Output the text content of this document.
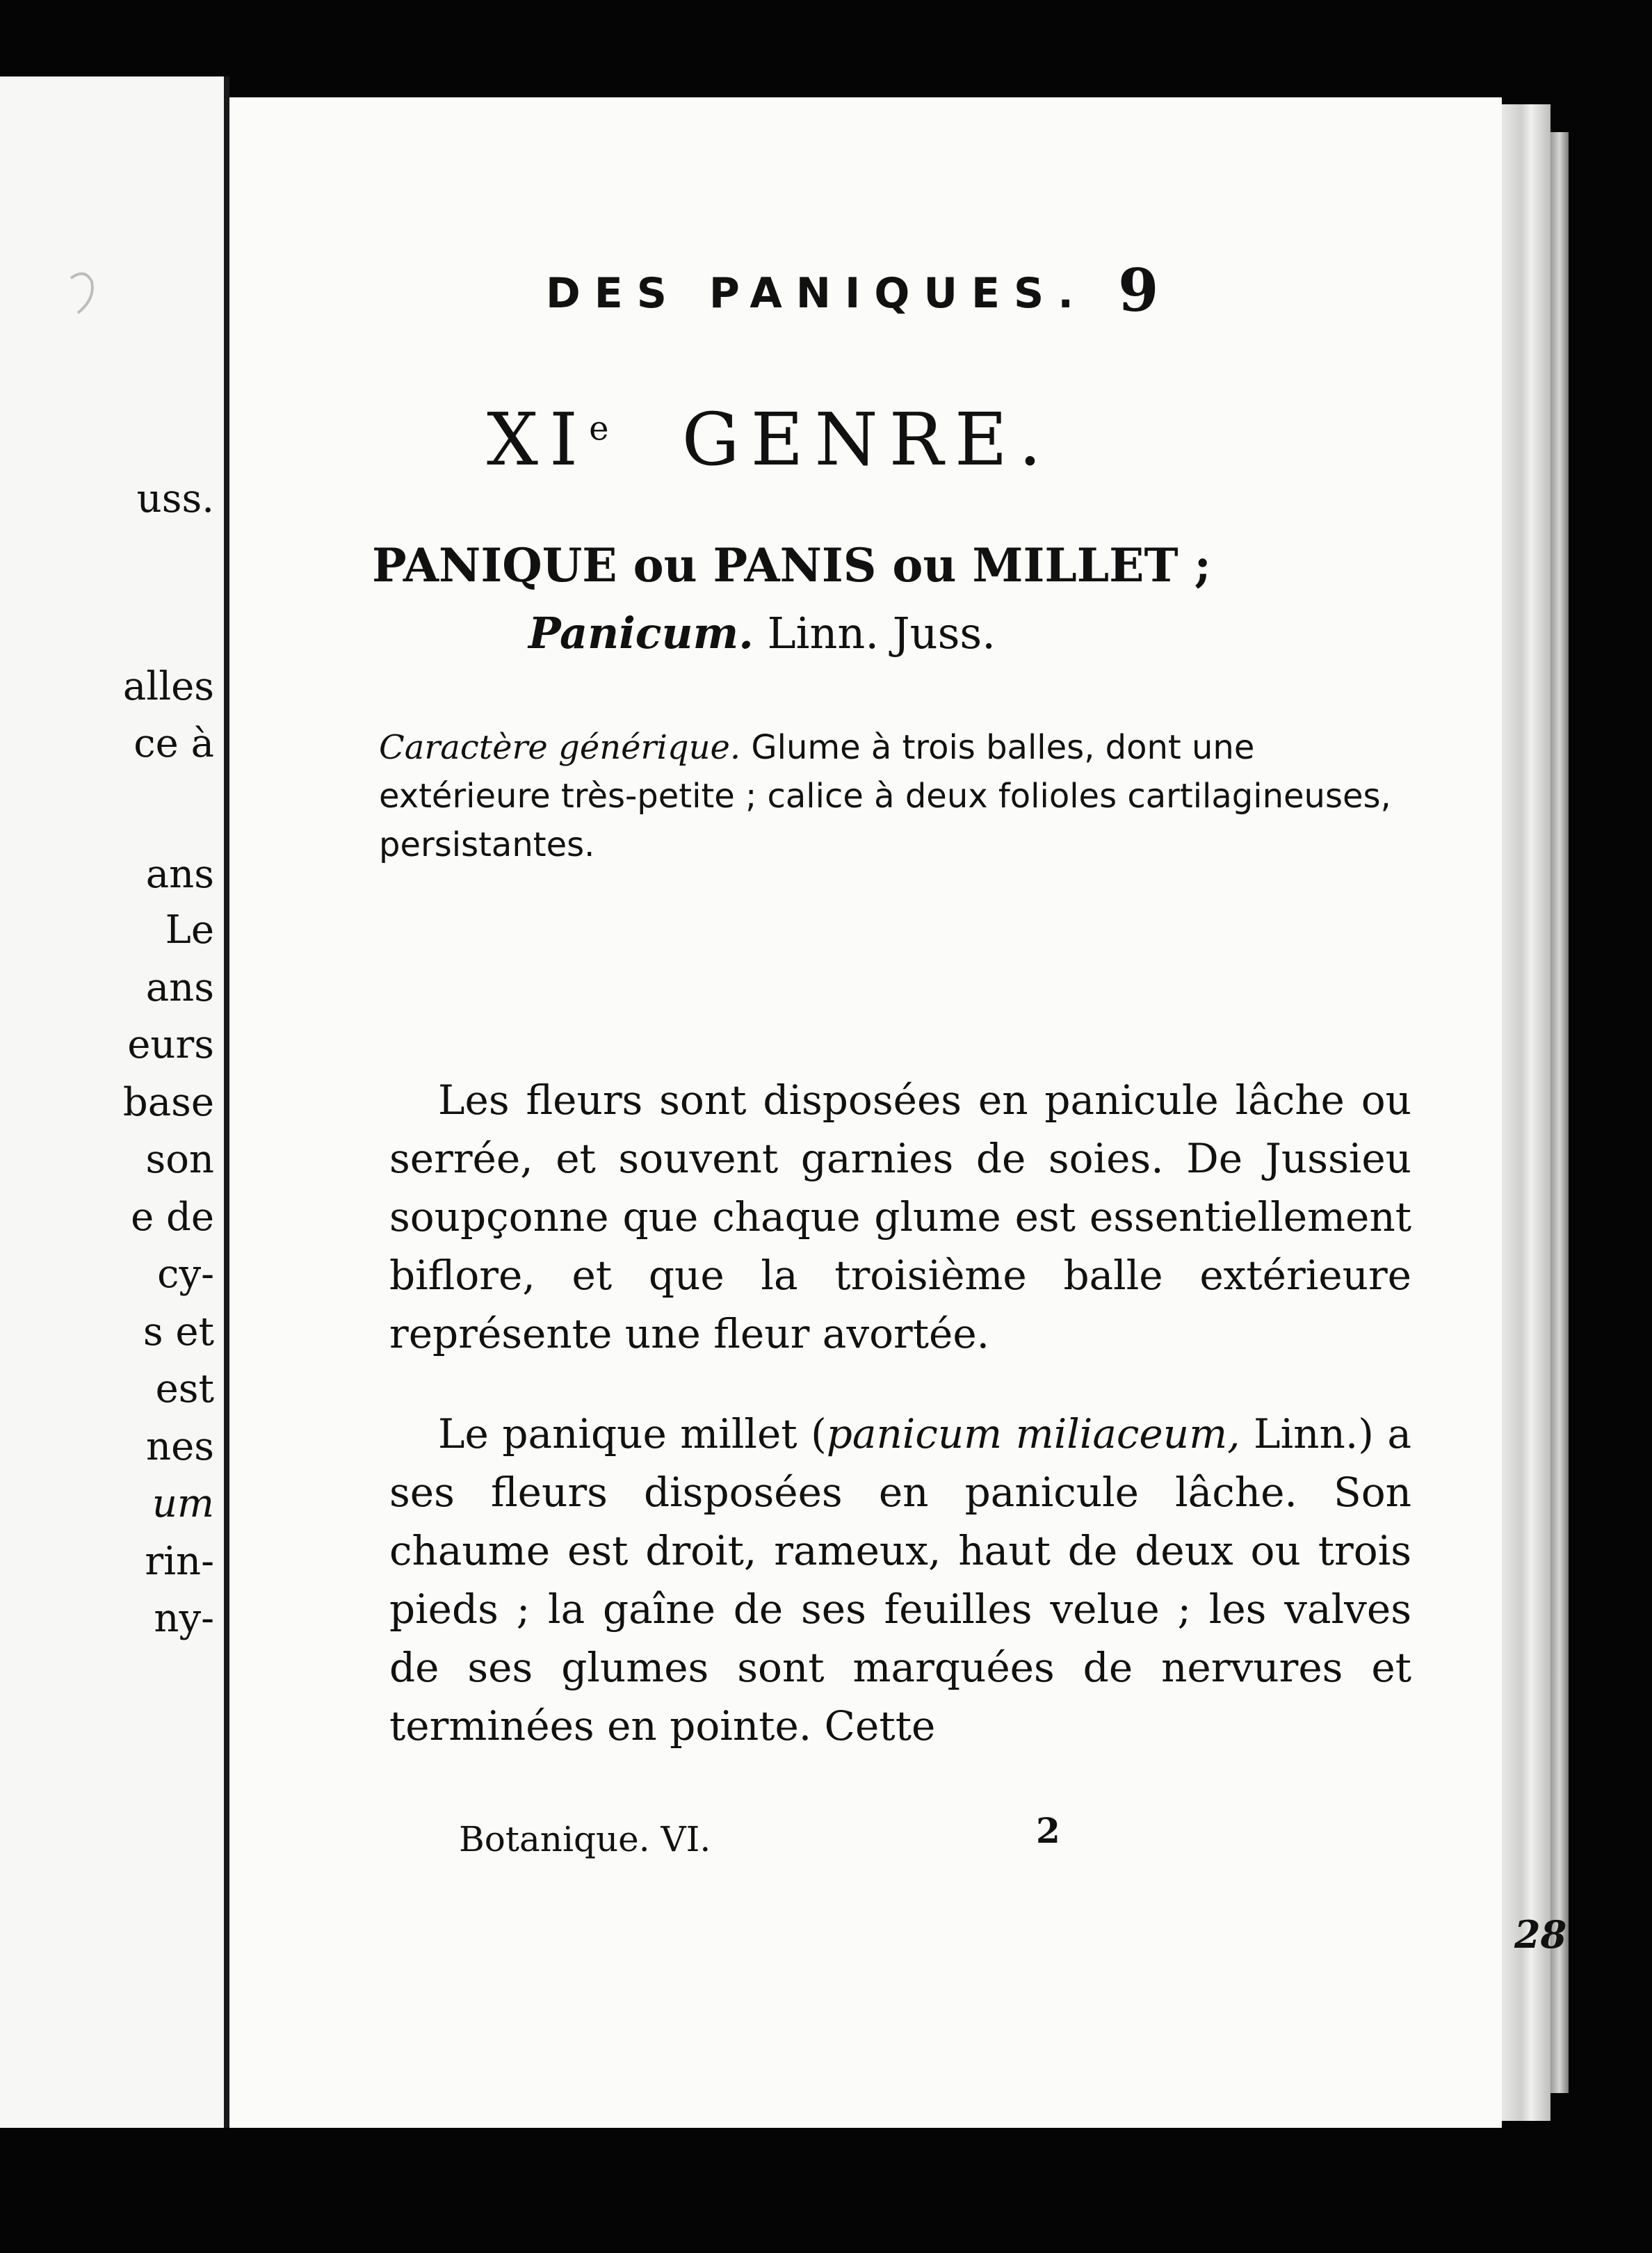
uss.
alles
ce à
ans
Le
ans
eurs
base
son
e de
cy-
s et
est
nes
um
rin-
ny-
DES PANIQUES. 9
XIe GENRE.
PANIQUE ou PANIS ou MILLET ;
Panicum. Linn. Juss.
Caractère générique. Glume à trois balles, dont une extérieure très-petite ; calice à deux folioles cartilagineuses, persistantes.
Les fleurs sont disposées en panicule lâche ou serrée, et souvent garnies de soies. De Jussieu soupçonne que chaque glume est essentiellement biflore, et que la troisième balle extérieure représente une fleur avortée.
Le panique millet (panicum miliaceum, Linn.) a ses fleurs disposées en panicule lâche. Son chaume est droit, rameux, haut de deux ou trois pieds ; la gaîne de ses feuilles velue ; les valves de ses glumes sont marquées de nervures et terminées en pointe. Cette
Botanique. VI.	2
28
